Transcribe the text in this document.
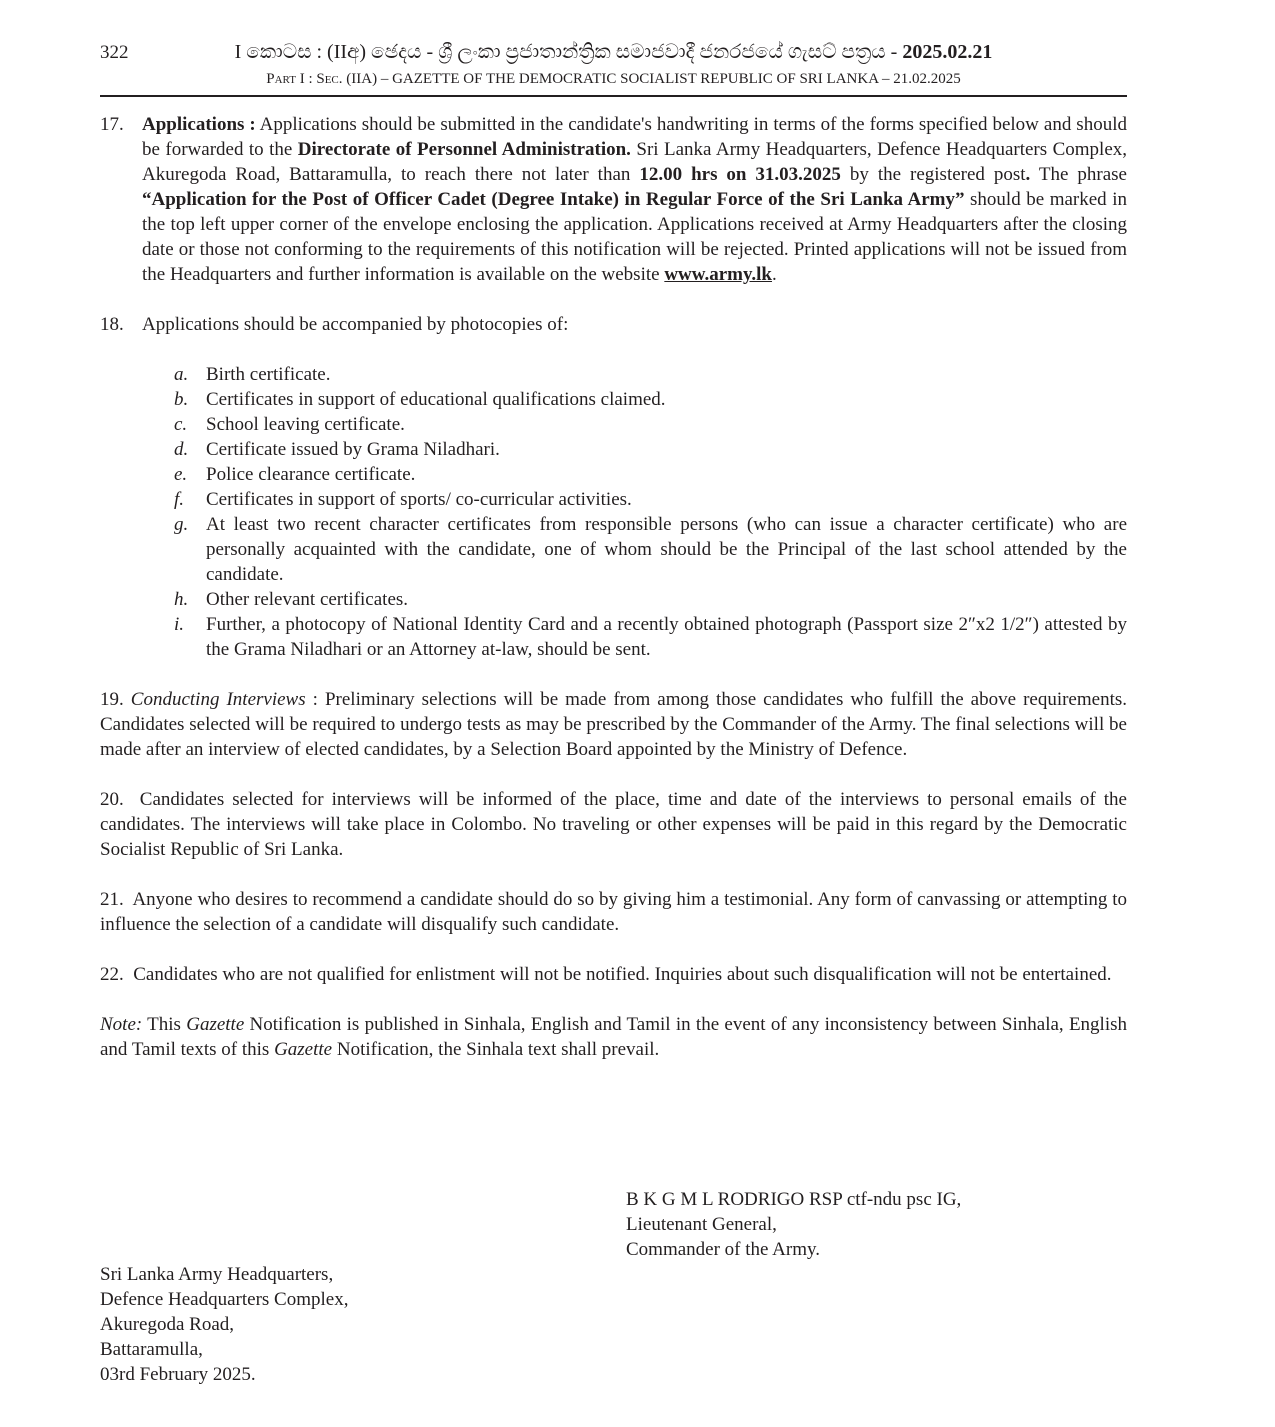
322	I කොටස : (IIඅ) ඡෙදය - ශ්‍රී ලංකා ප්‍රජාතාන්ත්‍රික සමාජවාදී ජනරජයේ ගැසට් පත්‍රය - 2025.02.21
Part I : Sec. (IIA) – GAZETTE OF THE DEMOCRATIC SOCIALIST REPUBLIC OF SRI LANKA – 21.02.2025

17. Applications : Applications should be submitted in the candidate's handwriting in terms of the forms specified below and should be forwarded to the Directorate of Personnel Administration. Sri Lanka Army Headquarters, Defence Headquarters Complex, Akuregoda Road, Battaramulla, to reach there not later than 12.00 hrs on 31.03.2025 by the registered post. The phrase “Application for the Post of Officer Cadet (Degree Intake) in Regular Force of the Sri Lanka Army” should be marked in the top left upper corner of the envelope enclosing the application. Applications received at Army Headquarters after the closing date or those not conforming to the requirements of this notification will be rejected. Printed applications will not be issued from the Headquarters and further information is available on the website www.army.lk.

18. Applications should be accompanied by photocopies of:

a. Birth certificate.
b. Certificates in support of educational qualifications claimed.
c. School leaving certificate.
d. Certificate issued by Grama Niladhari.
e. Police clearance certificate.
f. Certificates in support of sports/ co-curricular activities.
g. At least two recent character certificates from responsible persons (who can issue a character certificate) who are personally acquainted with the candidate, one of whom should be the Principal of the last school attended by the candidate.
h. Other relevant certificates.
i. Further, a photocopy of National Identity Card and a recently obtained photograph (Passport size 2″x2 1/2″) attested by the Grama Niladhari or an Attorney at-law, should be sent.

19. Conducting Interviews : Preliminary selections will be made from among those candidates who fulfill the above requirements. Candidates selected will be required to undergo tests as may be prescribed by the Commander of the Army. The final selections will be made after an interview of elected candidates, by a Selection Board appointed by the Ministry of Defence.

20. Candidates selected for interviews will be informed of the place, time and date of the interviews to personal emails of the candidates. The interviews will take place in Colombo. No traveling or other expenses will be paid in this regard by the Democratic Socialist Republic of Sri Lanka.

21. Anyone who desires to recommend a candidate should do so by giving him a testimonial. Any form of canvassing or attempting to influence the selection of a candidate will disqualify such candidate.

22. Candidates who are not qualified for enlistment will not be notified. Inquiries about such disqualification will not be entertained.

Note: This Gazette Notification is published in Sinhala, English and Tamil in the event of any inconsistency between Sinhala, English and Tamil texts of this Gazette Notification, the Sinhala text shall prevail.

B K G M L RODRIGO RSP ctf-ndu psc IG,
Lieutenant General,
Commander of the Army.
Sri Lanka Army Headquarters,
Defence Headquarters Complex,
Akuregoda Road,
Battaramulla,
03rd February 2025.
